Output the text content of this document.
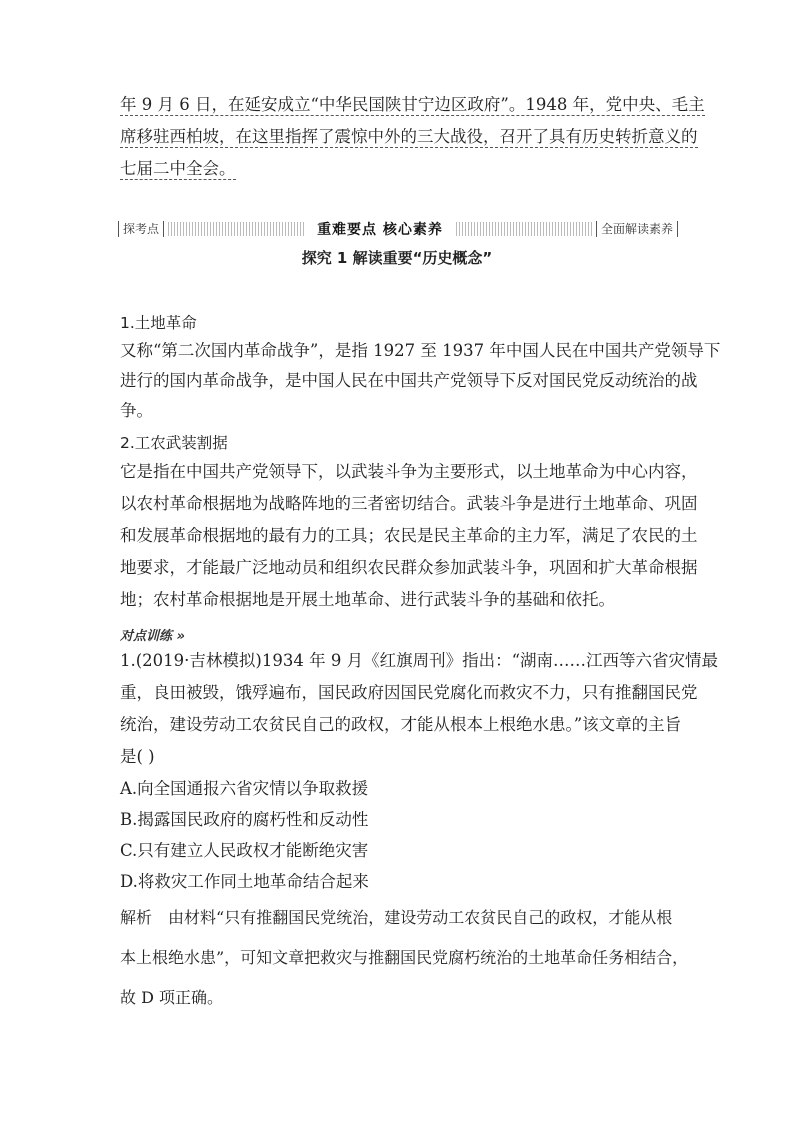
年 9 月 6 日，在延安成立“中华民国陕甘宁边区政府”。1948 年，党中央、毛主
席移驻西柏坡，在这里指挥了震惊中外的三大战役，召开了具有历史转折意义的
七届二中全会。
探考点	重难要点 核心素养	全面解读素养
探究 1 解读重要“历史概念”
1.土地革命
又称“第二次国内革命战争”，是指 1927 至 1937 年中国人民在中国共产党领导下
进行的国内革命战争，是中国人民在中国共产党领导下反对国民党反动统治的战
争。
2.工农武装割据
它是指在中国共产党领导下，以武装斗争为主要形式，以土地革命为中心内容，
以农村革命根据地为战略阵地的三者密切结合。武装斗争是进行土地革命、巩固
和发展革命根据地的最有力的工具；农民是民主革命的主力军，满足了农民的土
地要求，才能最广泛地动员和组织农民群众参加武装斗争，巩固和扩大革命根据
地；农村革命根据地是开展土地革命、进行武装斗争的基础和依托。
对点训练 »
1.(2019·吉林模拟)1934 年 9 月《红旗周刊》指出：“湖南……江西等六省灾情最
重，良田被毁，饿殍遍布，国民政府因国民党腐化而救灾不力，只有推翻国民党
统治，建设劳动工农贫民自己的政权，才能从根本上根绝水患。”该文章的主旨
是( )
A.向全国通报六省灾情以争取救援
B.揭露国民政府的腐朽性和反动性
C.只有建立人民政权才能断绝灾害
D.将救灾工作同土地革命结合起来
解析 由材料“只有推翻国民党统治，建设劳动工农贫民自己的政权，才能从根
本上根绝水患”，可知文章把救灾与推翻国民党腐朽统治的土地革命任务相结合，
故 D 项正确。
